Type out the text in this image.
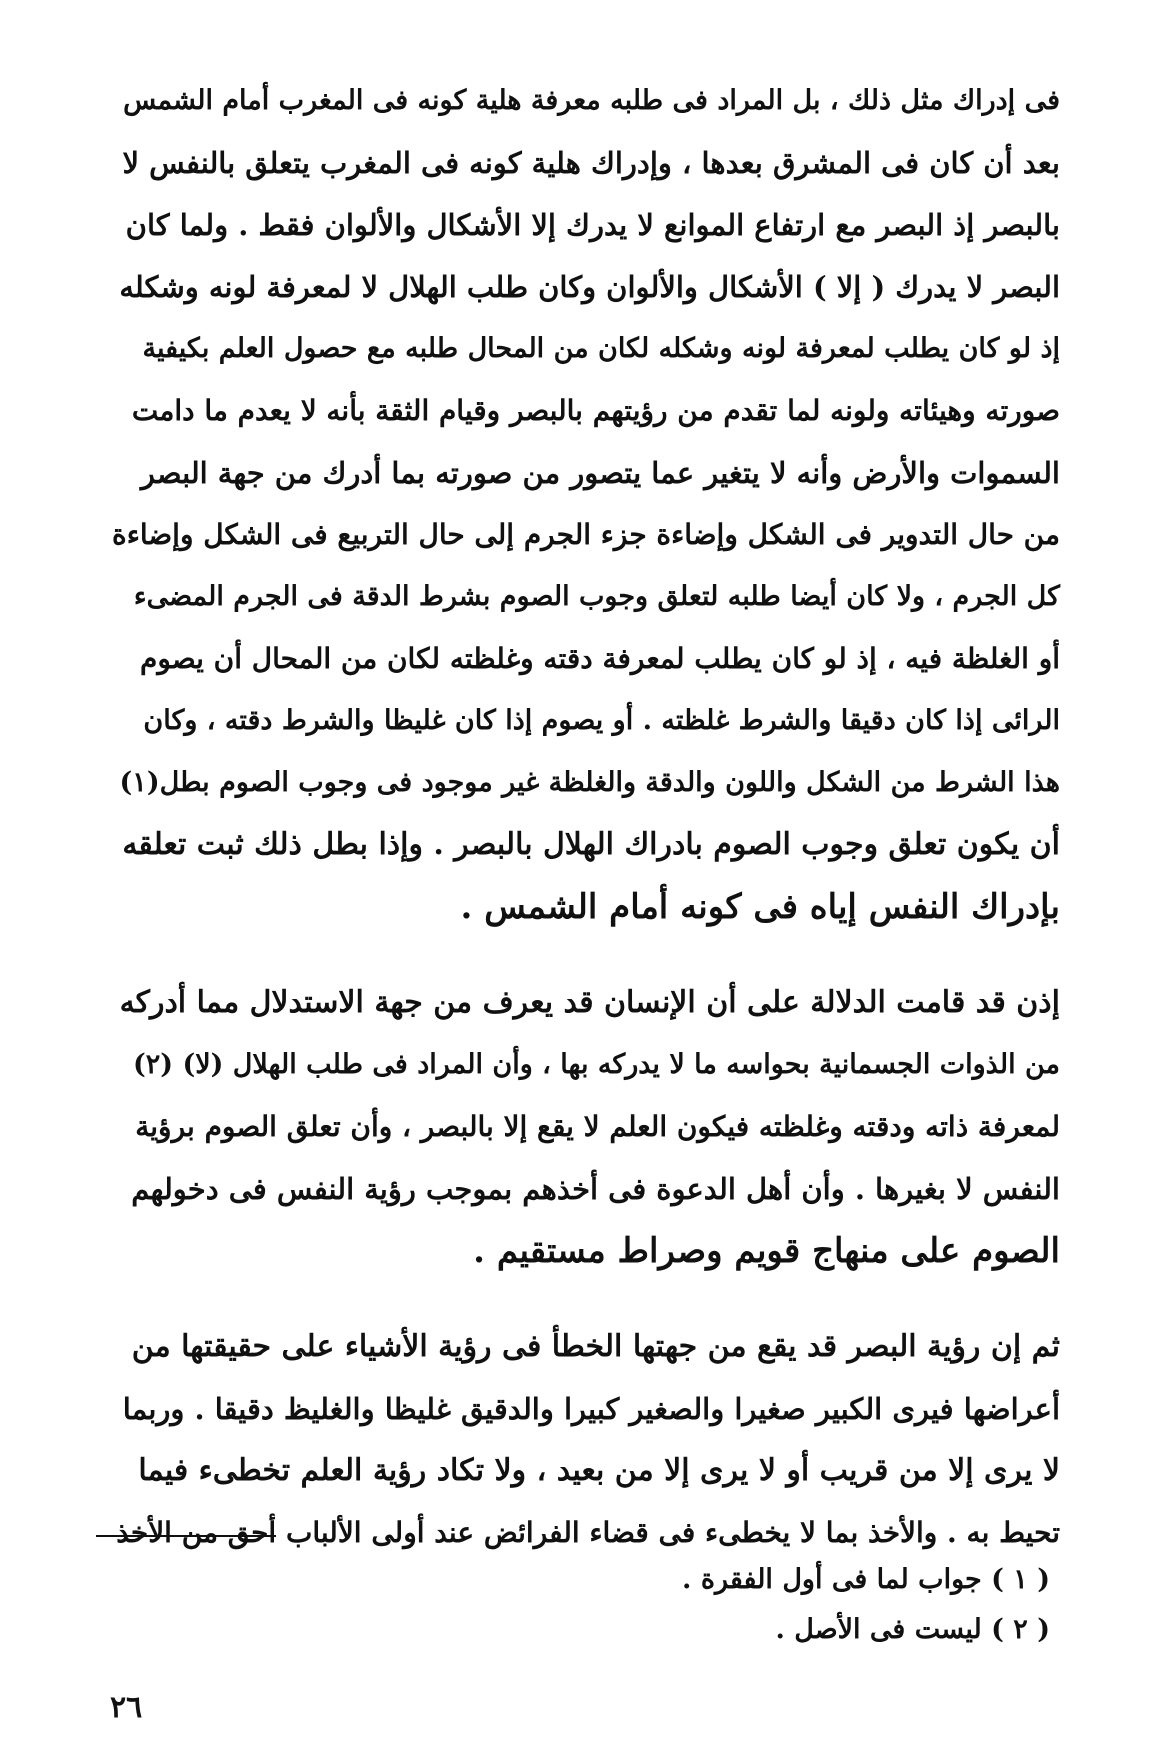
فى إدراك مثل ذلك ، بل المراد فى طلبه معرفة هلية كونه فى المغرب أمام الشمس
بعد أن كان فى المشرق بعدها ، وإدراك هلية كونه فى المغرب يتعلق بالنفس لا
بالبصر إذ البصر مع ارتفاع الموانع لا يدرك إلا الأشكال والألوان فقط . ولما كان
البصر لا يدرك ( إلا ) الأشكال والألوان وكان طلب الهلال لا لمعرفة لونه وشكله
إذ لو كان يطلب لمعرفة لونه وشكله لكان من المحال طلبه مع حصول العلم بكيفية
صورته وهيئاته ولونه لما تقدم من رؤيتهم بالبصر وقيام الثقة بأنه لا يعدم ما دامت
السموات والأرض وأنه لا يتغير عما يتصور من صورته بما أدرك من جهة البصر
من حال التدوير فى الشكل وإضاءة جزء الجرم إلى حال التربيع فى الشكل وإضاءة
كل الجرم ، ولا كان أيضا طلبه لتعلق وجوب الصوم بشرط الدقة فى الجرم المضىء
أو الغلظة فيه ، إذ لو كان يطلب لمعرفة دقته وغلظته لكان من المحال أن يصوم
الرائى إذا كان دقيقا والشرط غلظته . أو يصوم إذا كان غليظا والشرط دقته ، وكان
هذا الشرط من الشكل واللون والدقة والغلظة غير موجود فى وجوب الصوم بطل(١)
أن يكون تعلق وجوب الصوم بادراك الهلال بالبصر . وإذا بطل ذلك ثبت تعلقه
بإدراك النفس إياه فى كونه أمام الشمس .
إذن قد قامت الدلالة على أن الإنسان قد يعرف من جهة الاستدلال مما أدركه
من الذوات الجسمانية بحواسه ما لا يدركه بها ، وأن المراد فى طلب الهلال (لا) (٢)
لمعرفة ذاته ودقته وغلظته فيكون العلم لا يقع إلا بالبصر ، وأن تعلق الصوم برؤية
النفس لا بغيرها . وأن أهل الدعوة فى أخذهم بموجب رؤية النفس فى دخولهم
الصوم على منهاج قويم وصراط مستقيم .
ثم إن رؤية البصر قد يقع من جهتها الخطأ فى رؤية الأشياء على حقيقتها من
أعراضها فيرى الكبير صغيرا والصغير كبيرا والدقيق غليظا والغليظ دقيقا . وربما
لا يرى إلا من قريب أو لا يرى إلا من بعيد ، ولا تكاد رؤية العلم تخطىء فيما
تحيط به . والأخذ بما لا يخطىء فى قضاء الفرائض عند أولى الألباب أحق من الأخذ
( ١ ) جواب لما فى أول الفقرة .
( ٢ ) ليست فى الأصل .
٢٦
